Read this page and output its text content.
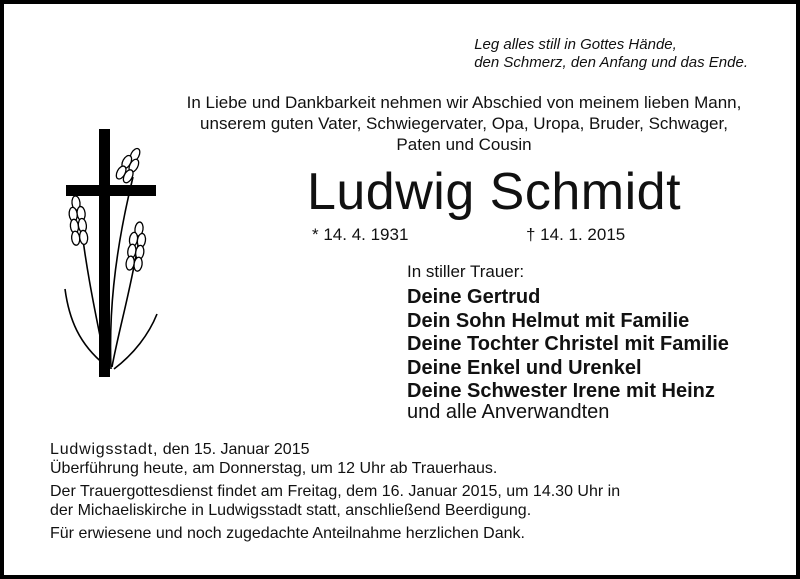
Leg alles still in Gottes Hände,
den Schmerz, den Anfang und das Ende.
In Liebe und Dankbarkeit nehmen wir Abschied von meinem lieben Mann,
unserem guten Vater, Schwiegervater, Opa, Uropa, Bruder, Schwager,
Paten und Cousin
Ludwig Schmidt
* 14. 4. 1931	† 14. 1. 2015
In stiller Trauer:
Deine Gertrud
Dein Sohn Helmut mit Familie
Deine Tochter Christel mit Familie
Deine Enkel und Urenkel
Deine Schwester Irene mit Heinz
und alle Anverwandten

Ludwigsstadt, den 15. Januar 2015

Überführung heute, am Donnerstag, um 12 Uhr ab Trauerhaus.

Der Trauergottesdienst findet am Freitag, dem 16. Januar 2015, um 14.30 Uhr in

der Michaeliskirche in Ludwigsstadt statt, anschließend Beerdigung.

Für erwiesene und noch zugedachte Anteilnahme herzlichen Dank.
